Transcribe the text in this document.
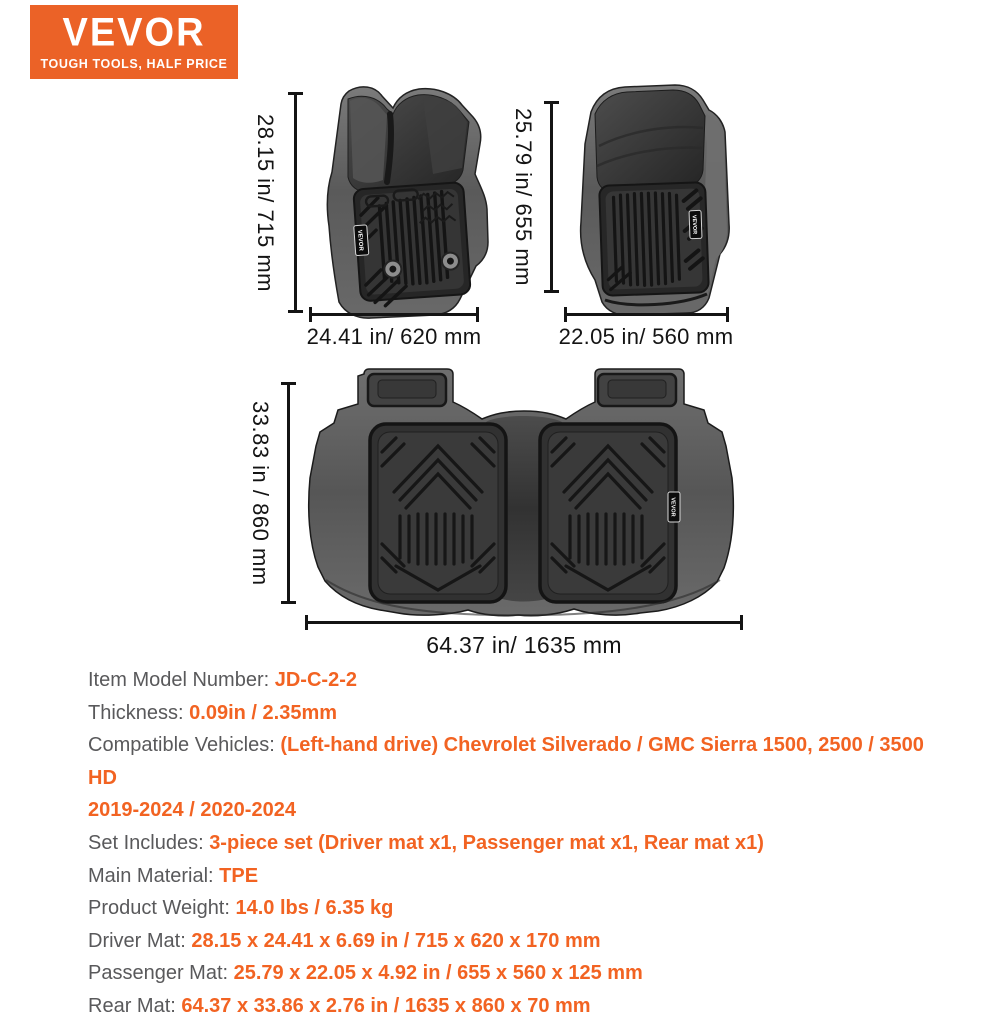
VEVOR
TOUGH TOOLS, HALF PRICE
28.15 in/ 715 mm	VEVOR
24.41 in/ 620 mm
25.79 in/ 655 mm	VEVOR
22.05 in/ 560 mm
33.83 in / 860 mm	VEVOR
64.37 in/ 1635 mm
Item Model Number: JD-C-2-2
Thickness: 0.09in / 2.35mm
Compatible Vehicles: (Left-hand drive) Chevrolet Silverado / GMC Sierra 1500, 2500 / 3500 HD
2019-2024 / 2020-2024
Set Includes: 3-piece set (Driver mat x1, Passenger mat x1, Rear mat x1)
Main Material: TPE
Product Weight: 14.0 lbs / 6.35 kg
Driver Mat: 28.15 x 24.41 x 6.69 in / 715 x 620 x 170 mm
Passenger Mat: 25.79 x 22.05 x 4.92 in / 655 x 560 x 125 mm
Rear Mat: 64.37 x 33.86 x 2.76 in / 1635 x 860 x 70 mm
